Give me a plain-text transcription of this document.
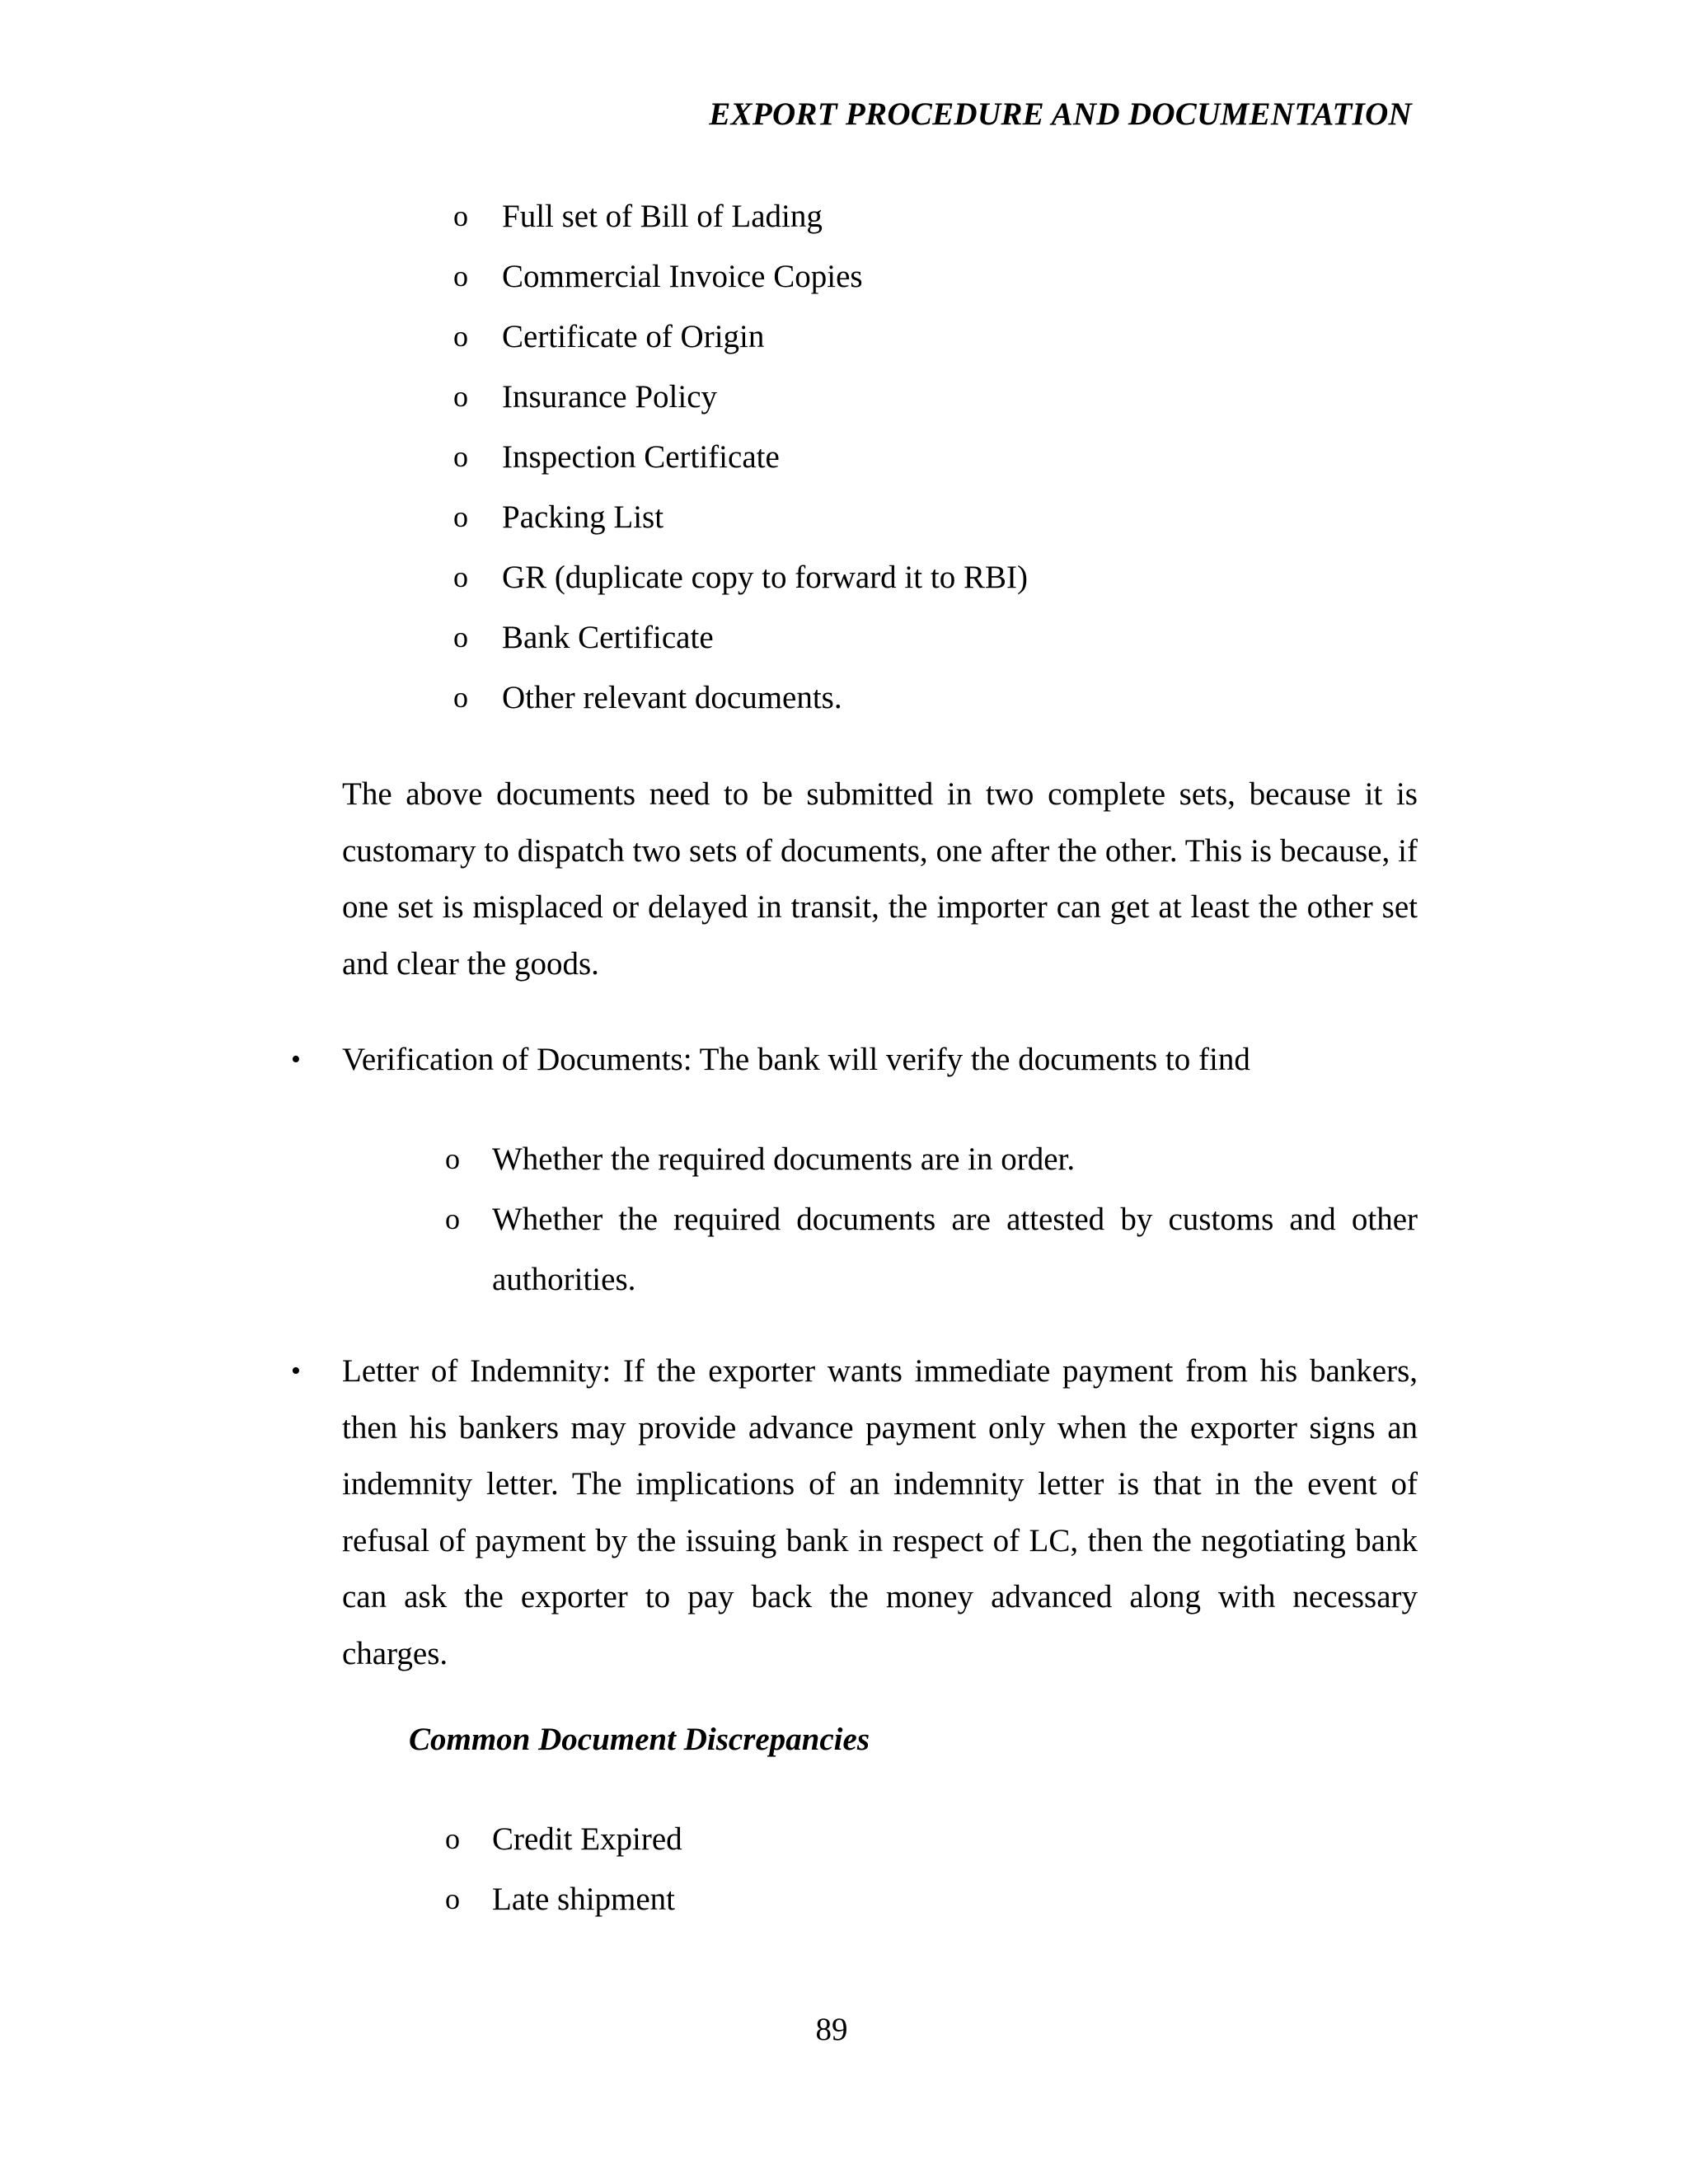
EXPORT PROCEDURE AND DOCUMENTATION
o Full set of Bill of Lading
o Commercial Invoice Copies
o Certificate of Origin
o Insurance Policy
o Inspection Certificate
o Packing List
o GR (duplicate copy to forward it to RBI)
o Bank Certificate
o Other relevant documents.

The above documents need to be submitted in two complete sets, because it is customary to dispatch two sets of documents, one after the other. This is because, if one set is misplaced or delayed in transit, the importer can get at least the other set and clear the goods.

• Verification of Documents: The bank will verify the documents to find

o Whether the required documents are in order.
o Whether the required documents are attested by customs and other authorities.

• Letter of Indemnity: If the exporter wants immediate payment from his bankers, then his bankers may provide advance payment only when the exporter signs an indemnity letter. The implications of an indemnity letter is that in the event of refusal of payment by the issuing bank in respect of LC, then the negotiating bank can ask the exporter to pay back the money advanced along with necessary charges.

Common Document Discrepancies
o Credit Expired
o Late shipment
89
